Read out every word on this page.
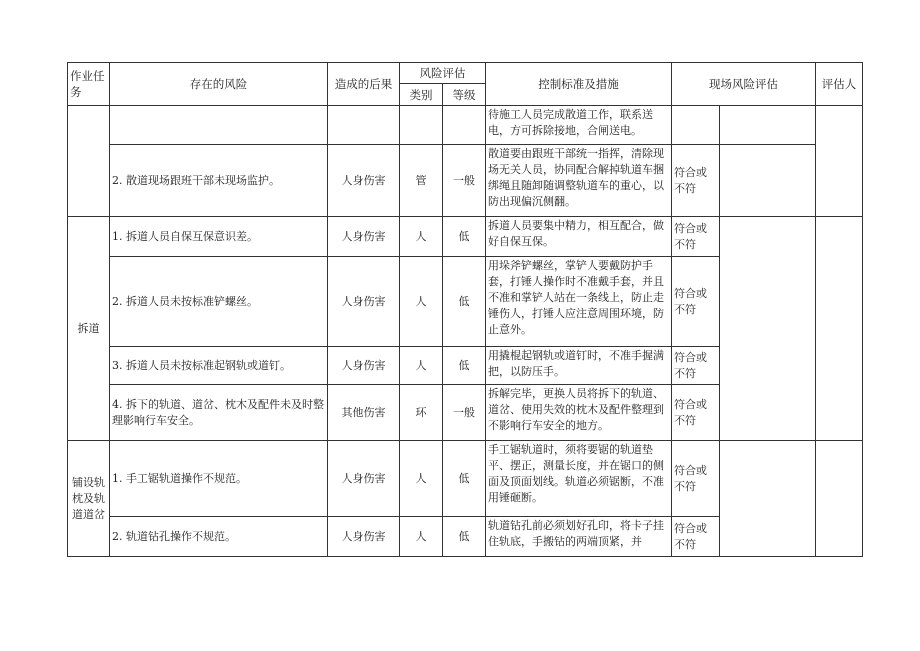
作业任务	存在的风险	造成的后果	风险评估		控制标准及措施	现场风险评估		评估人
			类别	等级				
					待施工人员完成散道工作，联系送电，方可拆除接地，合闸送电。			
	2. 散道现场跟班干部未现场监护。	人身伤害	管	一般	散道要由跟班干部统一指挥，清除现场无关人员，协同配合解掉轨道车捆绑绳且随卸随调整轨道车的重心，以防出现偏沉侧翻。	符合或不符		
拆道	1. 拆道人员自保互保意识差。	人身伤害	人	低	拆道人员要集中精力，相互配合，做好自保互保。	符合或不符		
	2. 拆道人员未按标准铲螺丝。	人身伤害	人	低	用垛斧铲螺丝，掌铲人要戴防护手套，打锤人操作时不准戴手套，并且不准和掌铲人站在一条线上，防止走锤伤人，打锤人应注意周围环境，防止意外。	符合或不符		
	3. 拆道人员未按标准起钢轨或道钉。	人身伤害	人	低	用撬棍起钢轨或道钉时，不准手握满把，以防压手。	符合或不符		
	4. 拆下的轨道、道岔、枕木及配件未及时整理影响行车安全。	其他伤害	环	一般	拆解完毕，更换人员将拆下的轨道、道岔、使用失效的枕木及配件整理到不影响行车安全的地方。	符合或不符		
铺设轨枕及轨道道岔	1. 手工锯轨道操作不规范。	人身伤害	人	低	手工锯轨道时，须将要锯的轨道垫平、摆正，测量长度，并在锯口的侧面及顶面划线。轨道必须锯断，不准用锤砸断。	符合或不符		
	2. 轨道钻孔操作不规范。	人身伤害	人	低	轨道钻孔前必须划好孔印，将卡子挂住轨底，手搬钻的两端顶紧，并	符合或不符		
